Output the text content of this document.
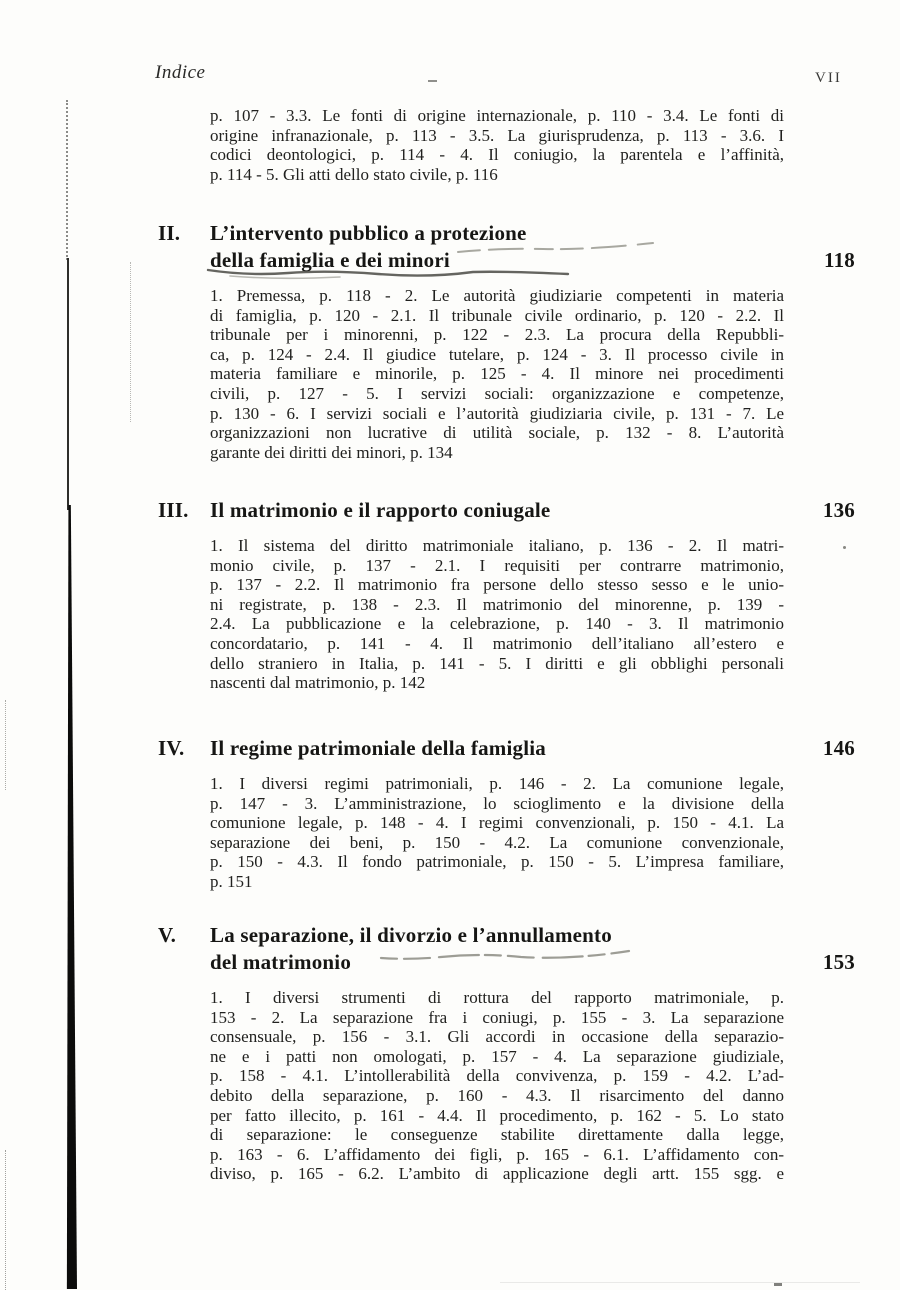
Indice	VII
p. 107 - 3.3. Le fonti di origine internazionale, p. 110 - 3.4. Le fonti di
origine infranazionale, p. 113 - 3.5. La giurisprudenza, p. 113 - 3.6. I
codici deontologici, p. 114 - 4. Il coniugio, la parentela e l’affinità,
p. 114 - 5. Gli atti dello stato civile, p. 116
II.	L’intervento pubblico a protezione
della famiglia e dei minori	118
1. Premessa, p. 118 - 2. Le autorità giudiziarie competenti in materia
di famiglia, p. 120 - 2.1. Il tribunale civile ordinario, p. 120 - 2.2. Il
tribunale per i minorenni, p. 122 - 2.3. La procura della Repubbli-
ca, p. 124 - 2.4. Il giudice tutelare, p. 124 - 3. Il processo civile in
materia familiare e minorile, p. 125 - 4. Il minore nei procedimenti
civili, p. 127 - 5. I servizi sociali: organizzazione e competenze,
p. 130 - 6. I servizi sociali e l’autorità giudiziaria civile, p. 131 - 7. Le
organizzazioni non lucrative di utilità sociale, p. 132 - 8. L’autorità
garante dei diritti dei minori, p. 134
III.	Il matrimonio e il rapporto coniugale	136
1. Il sistema del diritto matrimoniale italiano, p. 136 - 2. Il matri-
monio civile, p. 137 - 2.1. I requisiti per contrarre matrimonio,
p. 137 - 2.2. Il matrimonio fra persone dello stesso sesso e le unio-
ni registrate, p. 138 - 2.3. Il matrimonio del minorenne, p. 139 -
2.4. La pubblicazione e la celebrazione, p. 140 - 3. Il matrimonio
concordatario, p. 141 - 4. Il matrimonio dell’italiano all’estero e
dello straniero in Italia, p. 141 - 5. I diritti e gli obblighi personali
nascenti dal matrimonio, p. 142
IV.	Il regime patrimoniale della famiglia	146
1. I diversi regimi patrimoniali, p. 146 - 2. La comunione legale,
p. 147 - 3. L’amministrazione, lo scioglimento e la divisione della
comunione legale, p. 148 - 4. I regimi convenzionali, p. 150 - 4.1. La
separazione dei beni, p. 150 - 4.2. La comunione convenzionale,
p. 150 - 4.3. Il fondo patrimoniale, p. 150 - 5. L’impresa familiare,
p. 151
V.	La separazione, il divorzio e l’annullamento
del matrimonio	153
1. I diversi strumenti di rottura del rapporto matrimoniale, p.
153 - 2. La separazione fra i coniugi, p. 155 - 3. La separazione
consensuale, p. 156 - 3.1. Gli accordi in occasione della separazio-
ne e i patti non omologati, p. 157 - 4. La separazione giudiziale,
p. 158 - 4.1. L’intollerabilità della convivenza, p. 159 - 4.2. L’ad-
debito della separazione, p. 160 - 4.3. Il risarcimento del danno
per fatto illecito, p. 161 - 4.4. Il procedimento, p. 162 - 5. Lo stato
di separazione: le conseguenze stabilite direttamente dalla legge,
p. 163 - 6. L’affidamento dei figli, p. 165 - 6.1. L’affidamento con-
diviso, p. 165 - 6.2. L’ambito di applicazione degli artt. 155 sgg. e
